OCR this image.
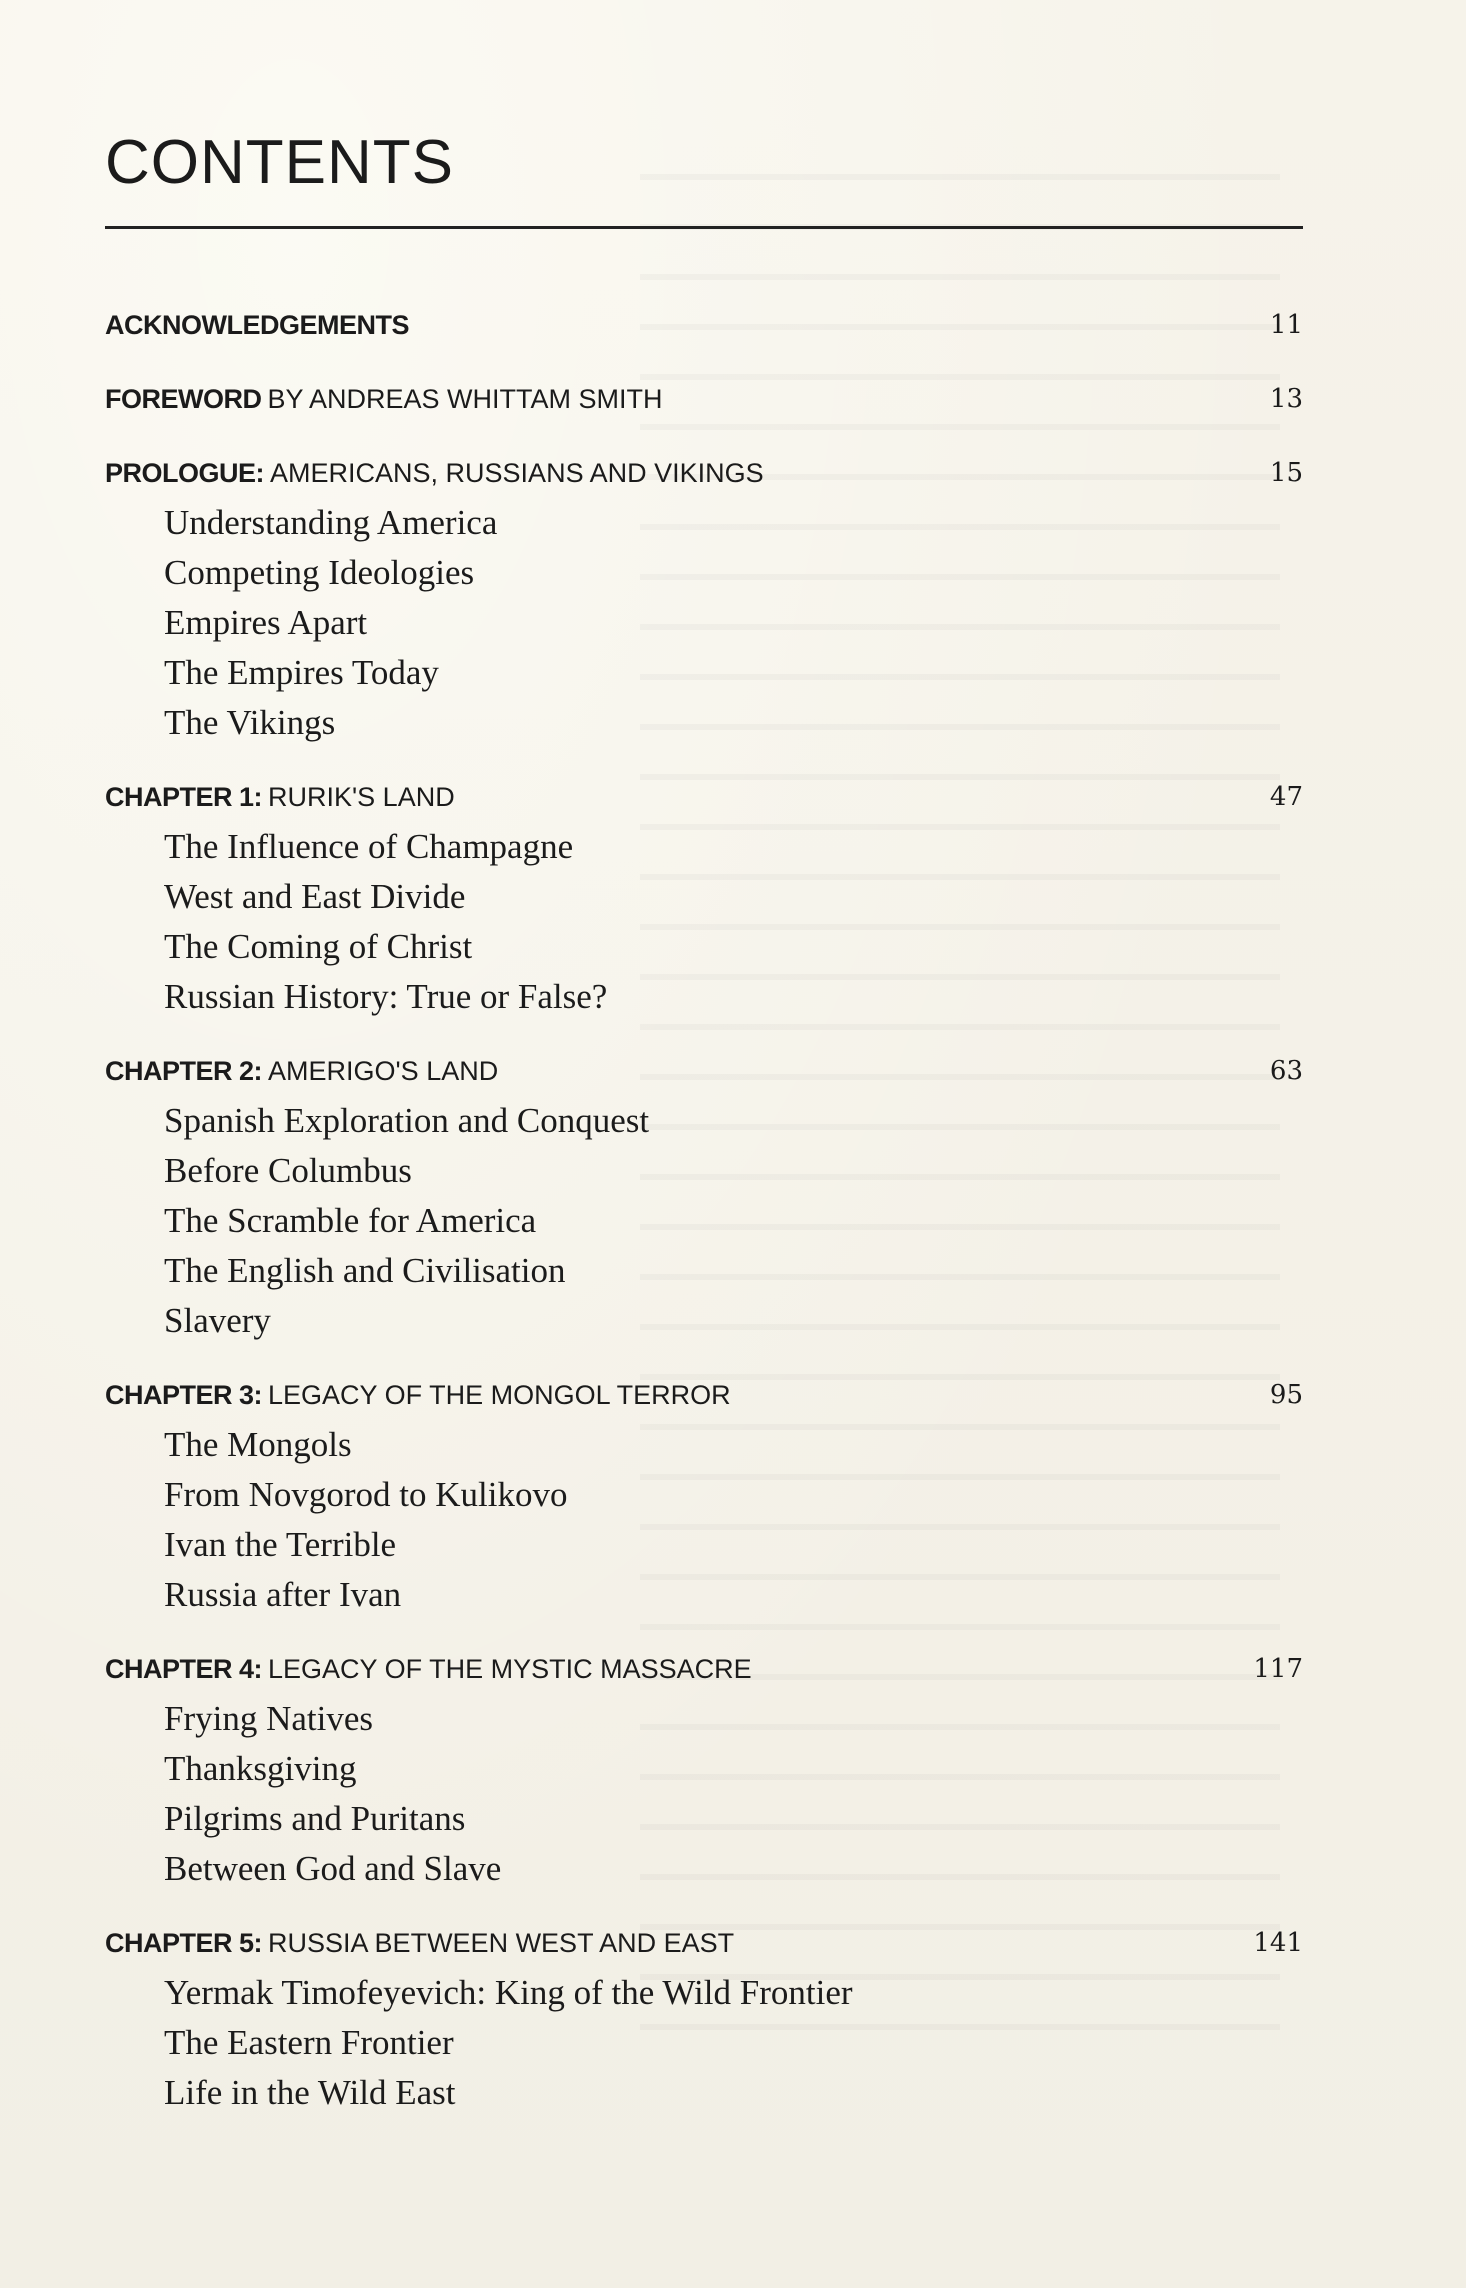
CONTENTS
ACKNOWLEDGEMENTS	11
FOREWORD BY ANDREAS WHITTAM SMITH	13
PROLOGUE: AMERICANS, RUSSIANS AND VIKINGS	15
Understanding America
Competing Ideologies
Empires Apart
The Empires Today
The Vikings
CHAPTER 1: RURIK'S LAND	47
The Influence of Champagne
West and East Divide
The Coming of Christ
Russian History: True or False?
CHAPTER 2: AMERIGO'S LAND	63
Spanish Exploration and Conquest
Before Columbus
The Scramble for America
The English and Civilisation
Slavery
CHAPTER 3: LEGACY OF THE MONGOL TERROR	95
The Mongols
From Novgorod to Kulikovo
Ivan the Terrible
Russia after Ivan
CHAPTER 4: LEGACY OF THE MYSTIC MASSACRE	117
Frying Natives
Thanksgiving
Pilgrims and Puritans
Between God and Slave
CHAPTER 5: RUSSIA BETWEEN WEST AND EAST	141
Yermak Timofeyevich: King of the Wild Frontier
The Eastern Frontier
Life in the Wild East
